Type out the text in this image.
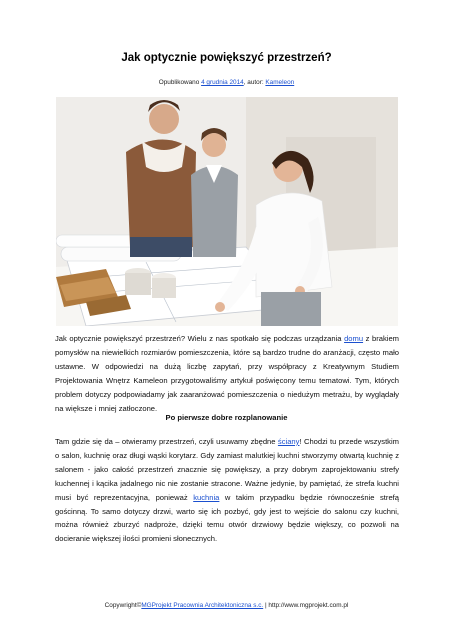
Jak optycznie powiększyć przestrzeń?
Opublikowano 4 grudnia 2014, autor: Kameleon
Jak optycznie powiększyć przestrzeń? Wielu z nas spotkało się podczas urządzania domu z brakiem pomysłów na niewielkich rozmiarów pomieszczenia, które są bardzo trudne do aranżacji, często mało ustawne. W odpowiedzi na dużą liczbę zapytań, przy współpracy z Kreatywnym Studiem Projektowania Wnętrz Kameleon przygotowaliśmy artykuł poświęcony temu tematowi. Tym, których problem dotyczy podpowiadamy jak zaaranżować pomieszczenia o niedużym metrażu, by wyglądały na większe i mniej zatłoczone.
Po pierwsze dobre rozplanowanie
Tam gdzie się da – otwieramy przestrzeń, czyli usuwamy zbędne ściany! Chodzi tu przede wszystkim o salon, kuchnię oraz długi wąski korytarz. Gdy zamiast malutkiej kuchni stworzymy otwartą kuchnię z salonem - jako całość przestrzeń znacznie się powiększy, a przy dobrym zaprojektowaniu strefy kuchennej i kącika jadalnego nic nie zostanie stracone. Ważne jedynie, by pamiętać, że strefa kuchni musi być reprezentacyjna, ponieważ kuchnia w takim przypadku będzie równocześnie strefą gościnną. To samo dotyczy drzwi, warto się ich pozbyć, gdy jest to wejście do salonu czy kuchni, można również zburzyć nadproże, dzięki temu otwór drzwiowy będzie większy, co pozwoli na docieranie większej ilości promieni słonecznych.
Copywright©MGProjekt Pracownia Architektoniczna s.c. | http://www.mgprojekt.com.pl
